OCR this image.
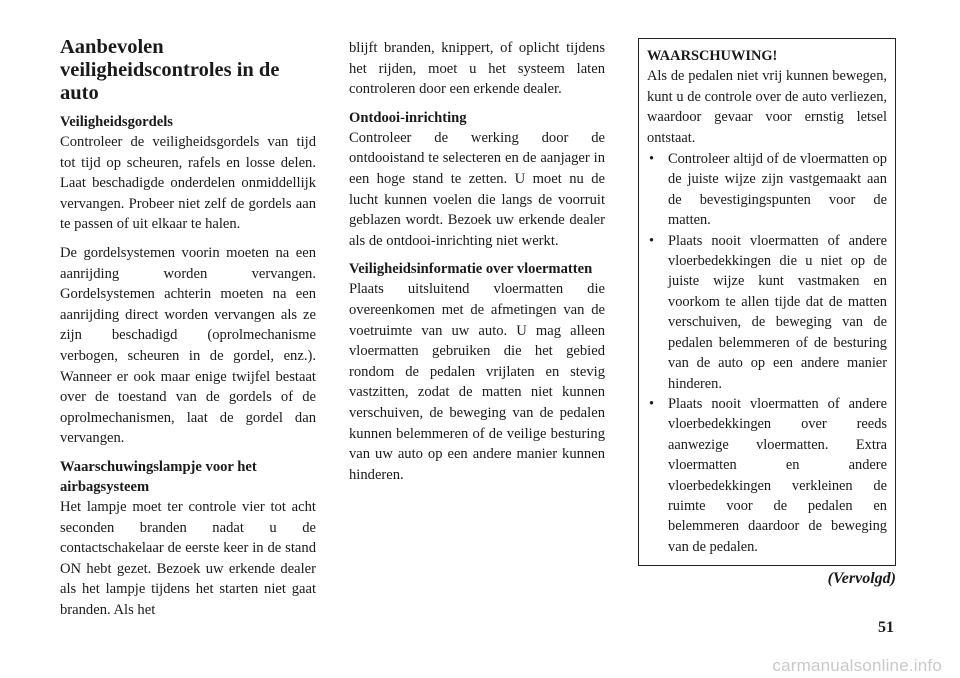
Aanbevolen veiligheidscontroles in de auto
Veiligheidsgordels

Controleer de veiligheidsgordels van tijd tot tijd op scheuren, rafels en losse delen. Laat beschadigde onderdelen onmiddellijk vervangen. Probeer niet zelf de gordels aan te passen of uit elkaar te halen.

De gordelsystemen voorin moeten na een aanrijding worden vervangen. Gordelsystemen achterin moeten na een aanrijding direct worden vervangen als ze zijn beschadigd (oprolmechanisme verbogen, scheuren in de gordel, enz.). Wanneer er ook maar enige twijfel bestaat over de toestand van de gordels of de oprolmechanismen, laat de gordel dan vervangen.

Waarschuwingslampje voor het airbagsysteem

Het lampje moet ter controle vier tot acht seconden branden nadat u de contactschakelaar de eerste keer in de stand ON hebt gezet. Bezoek uw erkende dealer als het lampje tijdens het starten niet gaat branden. Als het

blijft branden, knippert, of oplicht tijdens het rijden, moet u het systeem laten controleren door een erkende dealer.

Ontdooi-inrichting

Controleer de werking door de ontdooistand te selecteren en de aanjager in een hoge stand te zetten. U moet nu de lucht kunnen voelen die langs de voorruit geblazen wordt. Bezoek uw erkende dealer als de ontdooi-inrichting niet werkt.

Veiligheidsinformatie over vloermatten

Plaats uitsluitend vloermatten die overeenkomen met de afmetingen van de voetruimte van uw auto. U mag alleen vloermatten gebruiken die het gebied rondom de pedalen vrijlaten en stevig vastzitten, zodat de matten niet kunnen verschuiven, de beweging van de pedalen kunnen belemmeren of de veilige besturing van uw auto op een andere manier kunnen hinderen.

WAARSCHUWING!

Als de pedalen niet vrij kunnen bewegen, kunt u de controle over de auto verliezen, waardoor gevaar voor ernstig letsel ontstaat.

• Controleer altijd of de vloermatten op de juiste wijze zijn vastgemaakt aan de bevestigingspunten voor de matten.
• Plaats nooit vloermatten of andere vloerbedekkingen die u niet op de juiste wijze kunt vastmaken en voorkom te allen tijde dat de matten verschuiven, de beweging van de pedalen belemmeren of de besturing van de auto op een andere manier hinderen.
• Plaats nooit vloermatten of andere vloerbedekkingen over reeds aanwezige vloermatten. Extra vloermatten en andere vloerbedekkingen verkleinen de ruimte voor de pedalen en belemmeren daardoor de beweging van de pedalen.
(Vervolgd)
51
carmanualsonline.info
